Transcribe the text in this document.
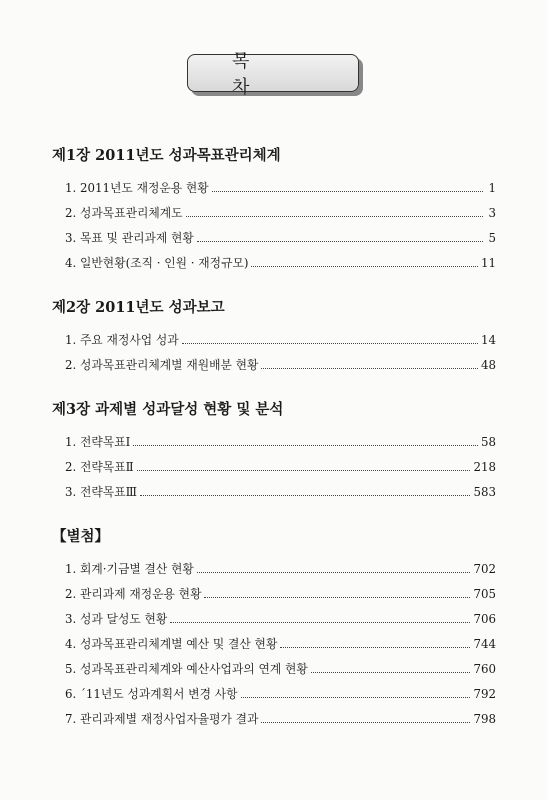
목 차
제1장 2011년도 성과목표관리체계
1. 2011년도 재정운용 현황	1
2. 성과목표관리체계도	3
3. 목표 및 관리과제 현황	5
4. 일반현황(조직 · 인원 · 재정규모)	11
제2장 2011년도 성과보고
1. 주요 재정사업 성과	14
2. 성과목표관리체계별 재원배분 현황	48
제3장 과제별 성과달성 현황 및 분석
1. 전략목표Ⅰ	58
2. 전략목표Ⅱ	218
3. 전략목표Ⅲ	583
【별첨】
1. 회계·기금별 결산 현황	702
2. 관리과제 재정운용 현황	705
3. 성과 달성도 현황	706
4. 성과목표관리체계별 예산 및 결산 현황	744
5. 성과목표관리체계와 예산사업과의 연계 현황	760
6. ´11년도 성과계획서 변경 사항	792
7. 관리과제별 재정사업자율평가 결과	798
